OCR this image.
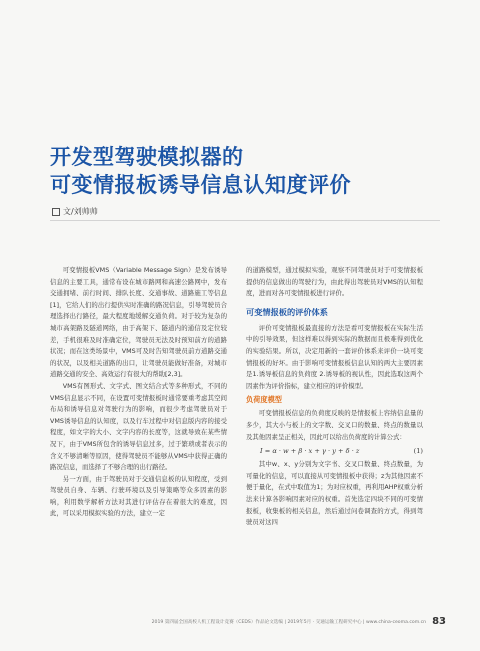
开发型驾驶模拟器的
可变情报板诱导信息认知度评价
文/刘帅帅

可变情报板VMS（Variable Message Sign）是发布诱导信息的主要工具，通常布设在城市路网和高速公路网中，发布交通拥堵、前行时间、排队长度、交通事故、道路施工等信息[1]，它给人们的出行提供实时准确的路况信息，引导驾驶员合理选择出行路径，最大程度地缓解交通负荷。对于较为复杂的城市高架路及隧道网络，由于高架下、隧道内的通信及定位较差，手机很难及时准确定位，驾驶员无法及时预知前方的道路状况；而在这类场景中，VMS可及时告知驾驶员前方道路交通的状况，以及相关道路的出口，让驾驶员能做好准备，对城市道路交通的安全、高效运行有很大的帮助[2,3]。

VMS有图形式、文字式、图文结合式等多种形式，不同的VMS信息显示不同，在设置可变情报板时通常要重考虑其空间布局和诱导信息对驾驶行为的影响，而很少考虑驾驶员对于VMS诱导信息的认知度，以及行车过程中对信息版内容的接受程度，如文字的大小、文字内容的长度等，这就导致在某些情况下，由于VMS所包含的诱导信息过多，过于繁琐或者表示的含义不够清晰等原因，使得驾驶员不能够从VMS中获得正确的路况信息，而选择了不够合理的出行路径。

另一方面，由于驾驶员对于交通信息板的认知程度，受到驾驶员自身、车辆、行驶环境以及引导策略等众多因素的影响，利用数学解析方法对其进行评估存在着很大的难度，因此，可以采用模拟实验的方法，建立一定

的道路模型，通过模拟实验，观察不同驾驶员对于可变情报板提供的信息做出的驾驶行为，由此得出驾驶员对VMS的认知程度，进而对各可变情报板进行评价。

可变情报板的评价体系

评价可变情报板最直接的方法是看可变情报板在实际生活中的引导效果，但这样难以得到实际的数据而且极难得到优化的实验结果。所以，决定用新的一套评价体系来评价一块可变情报板的好坏。由于影响可变情报板信息认知的两大主要因素是1.诱导板信息的负荷度 2.诱导板的视认性，因此选取这两个因素作为评价指标，建立相应的评价模型。

负荷度模型

可变情报板信息的负荷度反映的是情报板上容纳信息量的多少，其大小与板上的文字数、交叉口的数量、终点的数量以及其他因素呈正相关，因此可以给出负荷度的计算公式：

I = α · w + β · x + γ · y + δ · z	(1)

其中w、x、y分别为文字书、交叉口数量、终点数量，为可量化的信息，可以直接从可变情报板中获得；z为其他因素不便于量化，在式中取值为1；为对应权重，再利用AHP权重分析法来计算各影响因素对应的权重。首先选定四块不同的可变情报板，收集板的相关信息，然后通过问卷调查的方式，得到驾驶员对这四

2019 第四届全国高校人机工程设计竞赛（CEDS）作品论文选编 | 2019年5月 · 交通运输工程研究中心 | www.china-ceoma.com.cn 83
